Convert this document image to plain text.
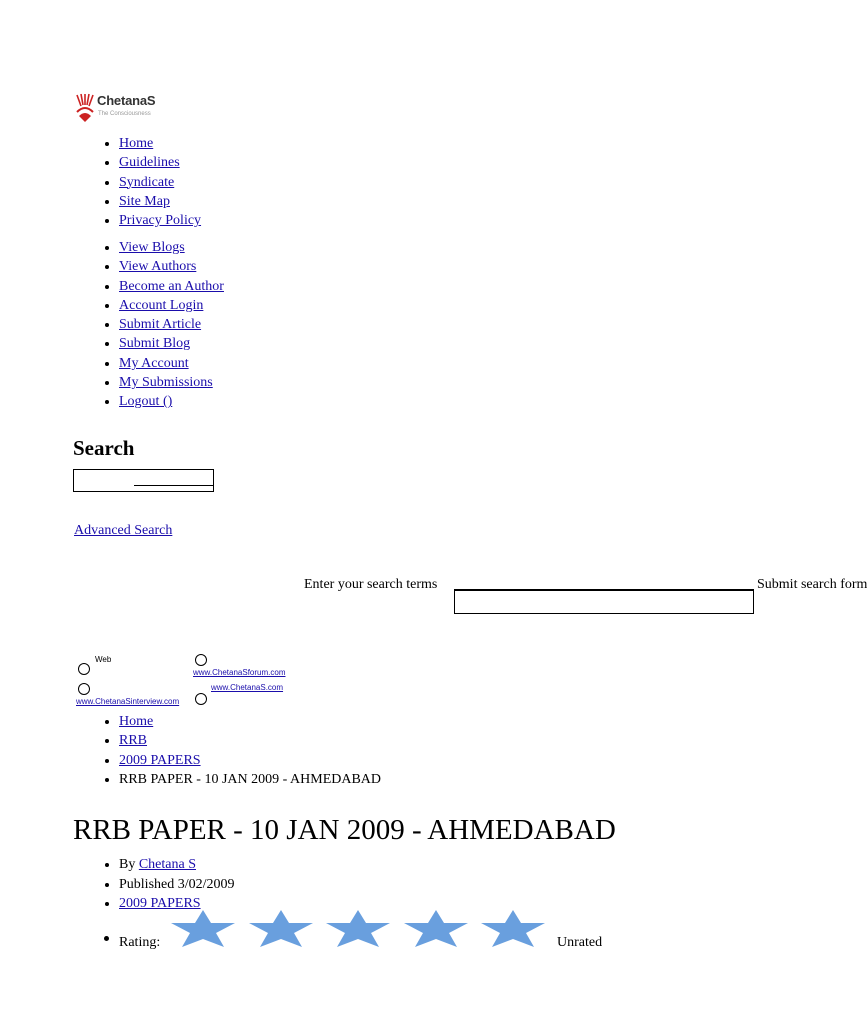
ChetanaS
The Consciousness
• Home
• Guidelines
• Syndicate
• Site Map
• Privacy Policy
• View Blogs
• View Authors
• Become an Author
• Account Login
• Submit Article
• Submit Blog
• My Account
• My Submissions
• Logout ()
Search
Advanced Search
Enter your search terms	Submit search form
Web
www.ChetanaSforum.com
www.ChetanaSinterview.com
www.ChetanaS.com
• Home
• RRB
• 2009 PAPERS
• RRB PAPER - 10 JAN 2009 - AHMEDABAD
RRB PAPER - 10 JAN 2009 - AHMEDABAD
• By Chetana S
• Published 3/02/2009
• 2009 PAPERS
Rating:	Unrated
